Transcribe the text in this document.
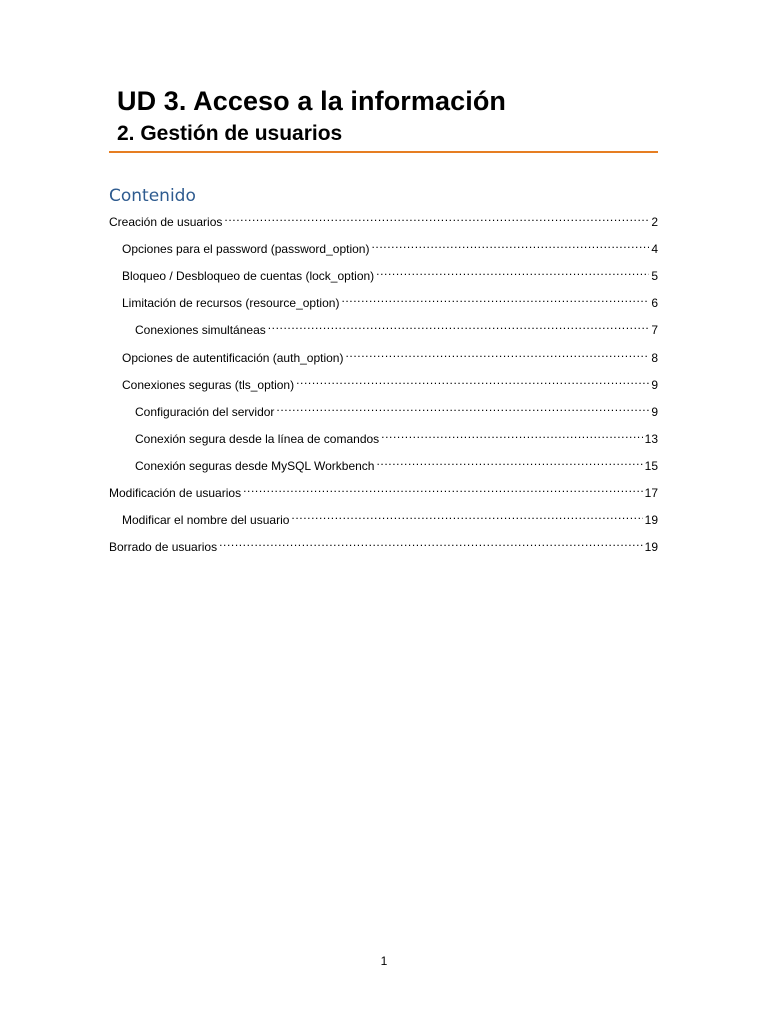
UD 3. Acceso a la información
2. Gestión de usuarios
Contenido
Creación de usuarios .....	2
Opciones para el password (password_option) .....	4
Bloqueo / Desbloqueo de cuentas (lock_option) .....	5
Limitación de recursos (resource_option) .....	6
Conexiones simultáneas .....	7
Opciones de autentificación (auth_option) .....	8
Conexiones seguras (tls_option) .....	9
Configuración del servidor .....	9
Conexión segura desde la línea de comandos .....	13
Conexión seguras desde MySQL Workbench .....	15
Modificación de usuarios .....	17
Modificar el nombre del usuario .....	19
Borrado de usuarios .....	19
1
